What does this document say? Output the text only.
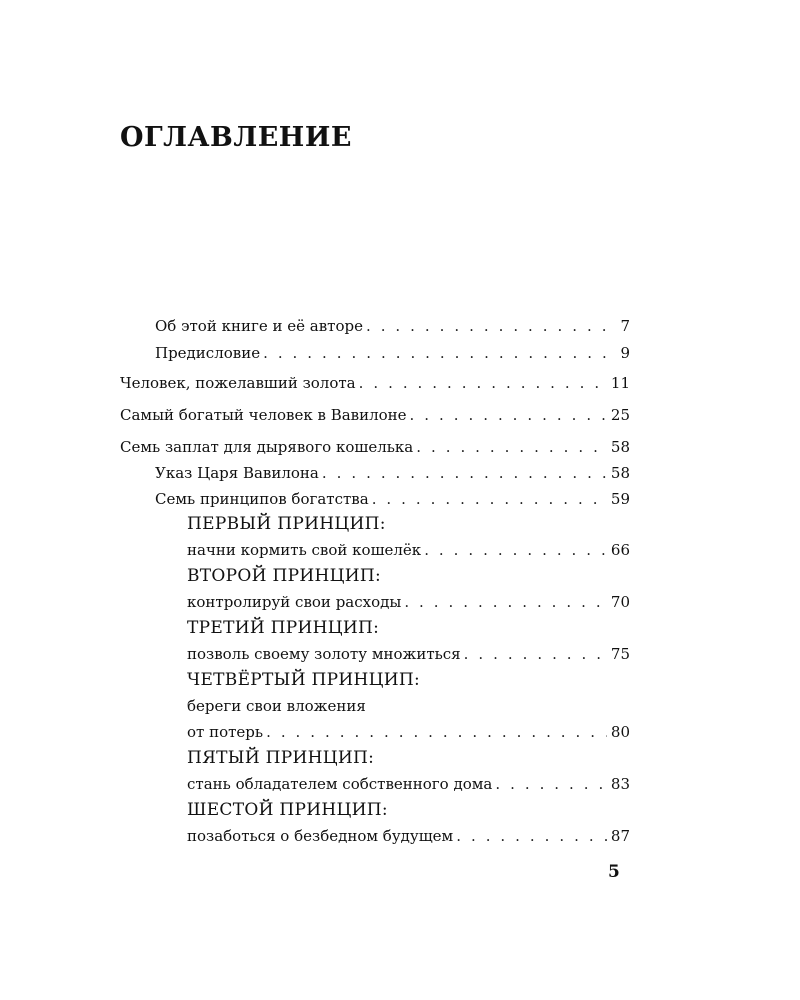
ОГЛАВЛЕНИЕ
Об этой книге и её авторе . . .	7
Предисловие . . .	9
Человек, пожелавший золота . . .	11
Самый богатый человек в Вавилоне . . .	25
Семь заплат для дырявого кошелька . . .	58
Указ Царя Вавилона . . .	58
Семь принципов богатства . . .	59
ПЕРВЫЙ ПРИНЦИП:
начни кормить свой кошелёк . . .	66
ВТОРОЙ ПРИНЦИП:
контролируй свои расходы . . .	70
ТРЕТИЙ ПРИНЦИП:
позволь своему золоту множиться . . .	75
ЧЕТВЁРТЫЙ ПРИНЦИП:
береги свои вложения
от потерь . . .	80
ПЯТЫЙ ПРИНЦИП:
стань обладателем собственного дома . . .	83
ШЕСТОЙ ПРИНЦИП:
позаботься о безбедном будущем . . .	87
5
